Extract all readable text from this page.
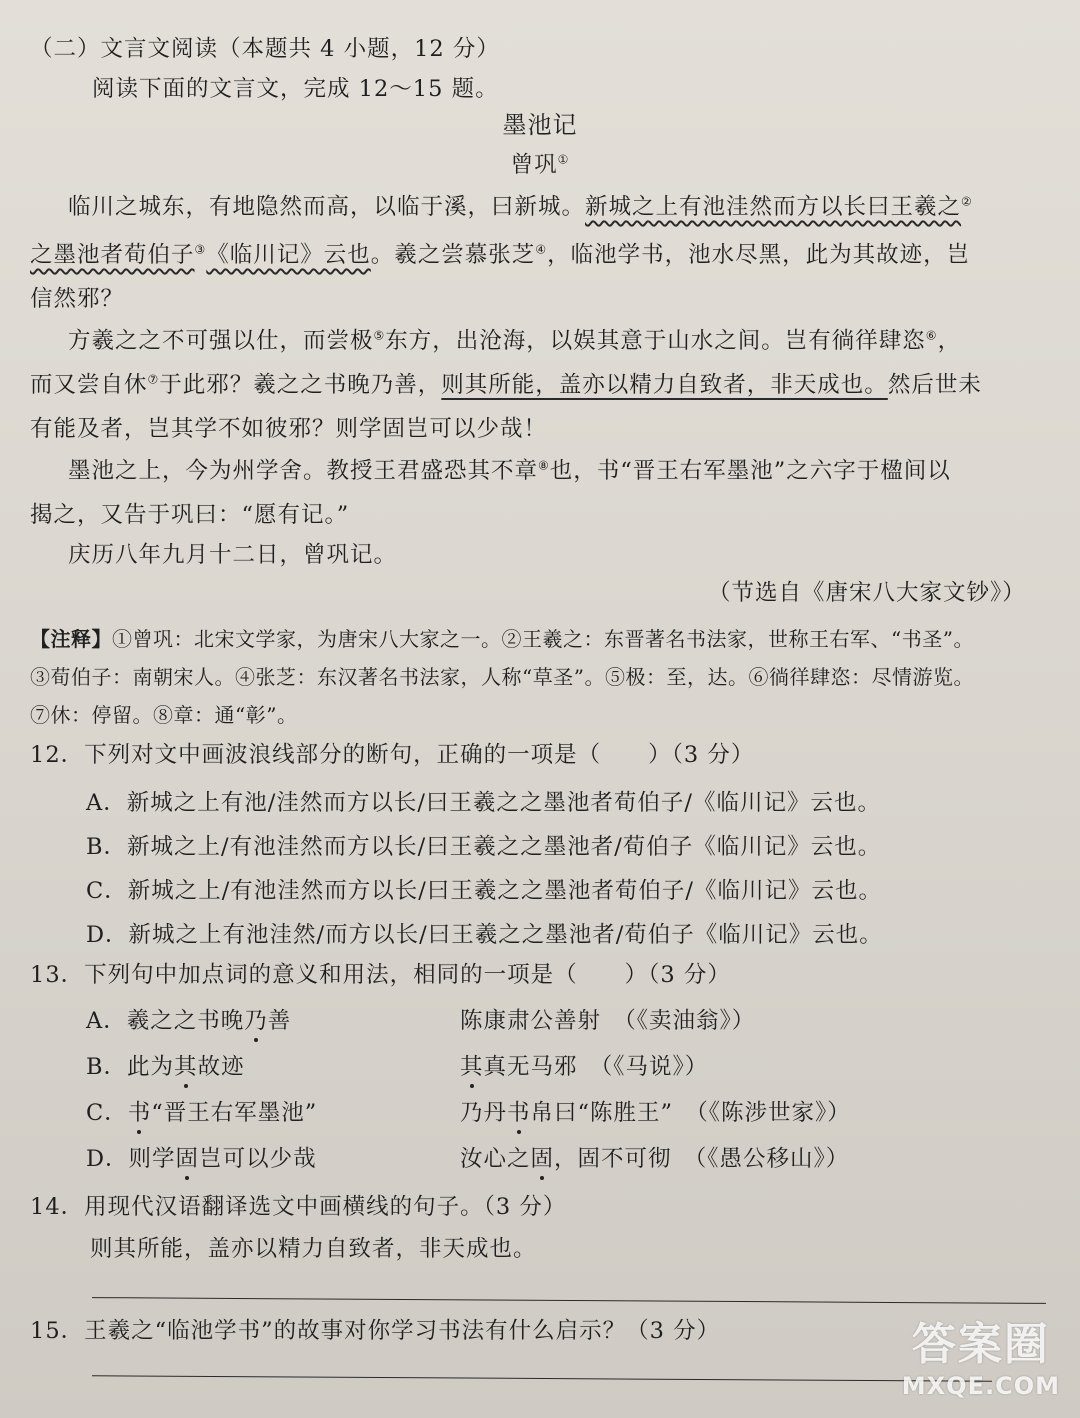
（二）文言文阅读（本题共 4 小题，12 分）
阅读下面的文言文，完成 12～15 题。
墨池记
曾巩①
临川之城东，有地隐然而高，以临于溪，曰新城。新城之上有池洼然而方以长曰王羲之②
之墨池者荀伯子③《临川记》云也。羲之尝慕张芝④，临池学书，池水尽黑，此为其故迹，岂
信然邪？
方羲之之不可强以仕，而尝极⑤东方，出沧海，以娱其意于山水之间。岂有徜徉肆恣⑥，
而又尝自休⑦于此邪？羲之之书晚乃善，则其所能，盖亦以精力自致者，非天成也。然后世未
有能及者，岂其学不如彼邪？则学固岂可以少哉！
墨池之上，今为州学舍。教授王君盛恐其不章⑧也，书“晋王右军墨池”之六字于楹间以
揭之，又告于巩曰：“愿有记。”
庆历八年九月十二日，曾巩记。
（节选自《唐宋八大家文钞》）
【注释】①曾巩：北宋文学家，为唐宋八大家之一。②王羲之：东晋著名书法家，世称王右军、“书圣”。
③荀伯子：南朝宋人。④张芝：东汉著名书法家，人称“草圣”。⑤极：至，达。⑥徜徉肆恣：尽情游览。
⑦休：停留。⑧章：通“彰”。
12．下列对文中画波浪线部分的断句，正确的一项是（　　）（3 分）
A．新城之上有池/洼然而方以长/曰王羲之之墨池者荀伯子/《临川记》云也。
B．新城之上/有池洼然而方以长/曰王羲之之墨池者/荀伯子《临川记》云也。
C．新城之上/有池洼然而方以长/曰王羲之之墨池者荀伯子/《临川记》云也。
D．新城之上有池洼然/而方以长/曰王羲之之墨池者/荀伯子《临川记》云也。
13．下列句中加点词的意义和用法，相同的一项是（　　）（3 分）
A．羲之之书晚乃善	陈康肃公善射　（《卖油翁》）
B．此为其故迹	其真无马邪　（《马说》）
C．书“晋王右军墨池”	乃丹书帛曰“陈胜王”　（《陈涉世家》）
D．则学固岂可以少哉	汝心之固，固不可彻　（《愚公移山》）
14．用现代汉语翻译选文中画横线的句子。（3 分）
则其所能，盖亦以精力自致者，非天成也。
15．王羲之“临池学书”的故事对你学习书法有什么启示？（3 分）	答案圈
MXQE.COM
